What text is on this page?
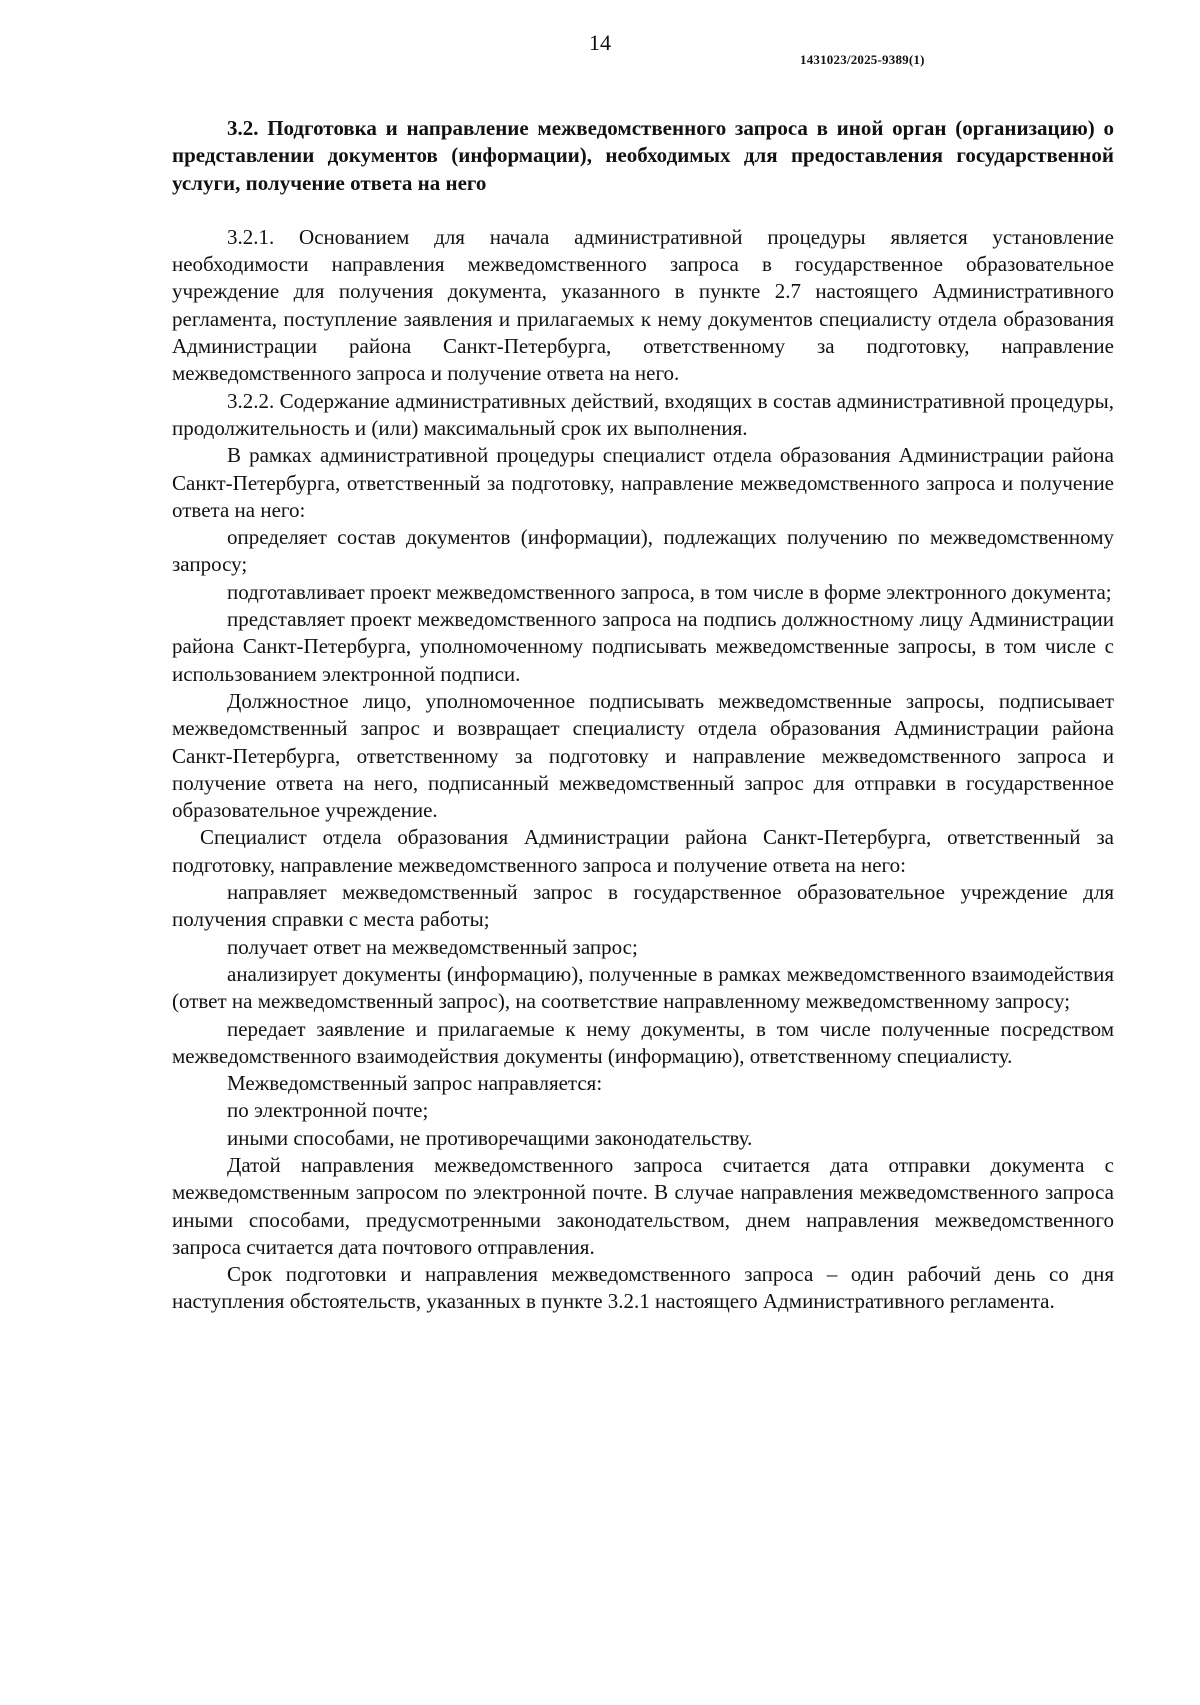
14
1431023/2025-9389(1)

3.2. Подготовка и направление межведомственного запроса в иной орган (организацию) о представлении документов (информации), необходимых для предоставления государственной услуги, получение ответа на него

3.2.1. Основанием для начала административной процедуры является установление необходимости направления межведомственного запроса в государственное образовательное учреждение для получения документа, указанного в пункте 2.7 настоящего Административного регламента, поступление заявления и прилагаемых к нему документов специалисту отдела образования Администрации района Санкт-Петербурга, ответственному за подготовку, направление межведомственного запроса и получение ответа на него.

3.2.2. Содержание административных действий, входящих в состав административной процедуры, продолжительность и (или) максимальный срок их выполнения.

В рамках административной процедуры специалист отдела образования Администрации района Санкт-Петербурга, ответственный за подготовку, направление межведомственного запроса и получение ответа на него:

определяет состав документов (информации), подлежащих получению по межведомственному запросу;

подготавливает проект межведомственного запроса, в том числе в форме электронного документа;

представляет проект межведомственного запроса на подпись должностному лицу Администрации района Санкт-Петербурга, уполномоченному подписывать межведомственные запросы, в том числе с использованием электронной подписи.

Должностное лицо, уполномоченное подписывать межведомственные запросы, подписывает межведомственный запрос и возвращает специалисту отдела образования Администрации района Санкт-Петербурга, ответственному за подготовку и направление межведомственного запроса и получение ответа на него, подписанный межведомственный запрос для отправки в государственное образовательное учреждение.

Специалист отдела образования Администрации района Санкт-Петербурга, ответственный за подготовку, направление межведомственного запроса и получение ответа на него:

направляет межведомственный запрос в государственное образовательное учреждение для получения справки с места работы;

получает ответ на межведомственный запрос;

анализирует документы (информацию), полученные в рамках межведомственного взаимодействия (ответ на межведомственный запрос), на соответствие направленному межведомственному запросу;

передает заявление и прилагаемые к нему документы, в том числе полученные посредством межведомственного взаимодействия документы (информацию), ответственному специалисту.

Межведомственный запрос направляется:

по электронной почте;

иными способами, не противоречащими законодательству.

Датой направления межведомственного запроса считается дата отправки документа с межведомственным запросом по электронной почте. В случае направления межведомственного запроса иными способами, предусмотренными законодательством, днем направления межведомственного запроса считается дата почтового отправления.

Срок подготовки и направления межведомственного запроса – один рабочий день со дня наступления обстоятельств, указанных в пункте 3.2.1 настоящего Административного регламента.
